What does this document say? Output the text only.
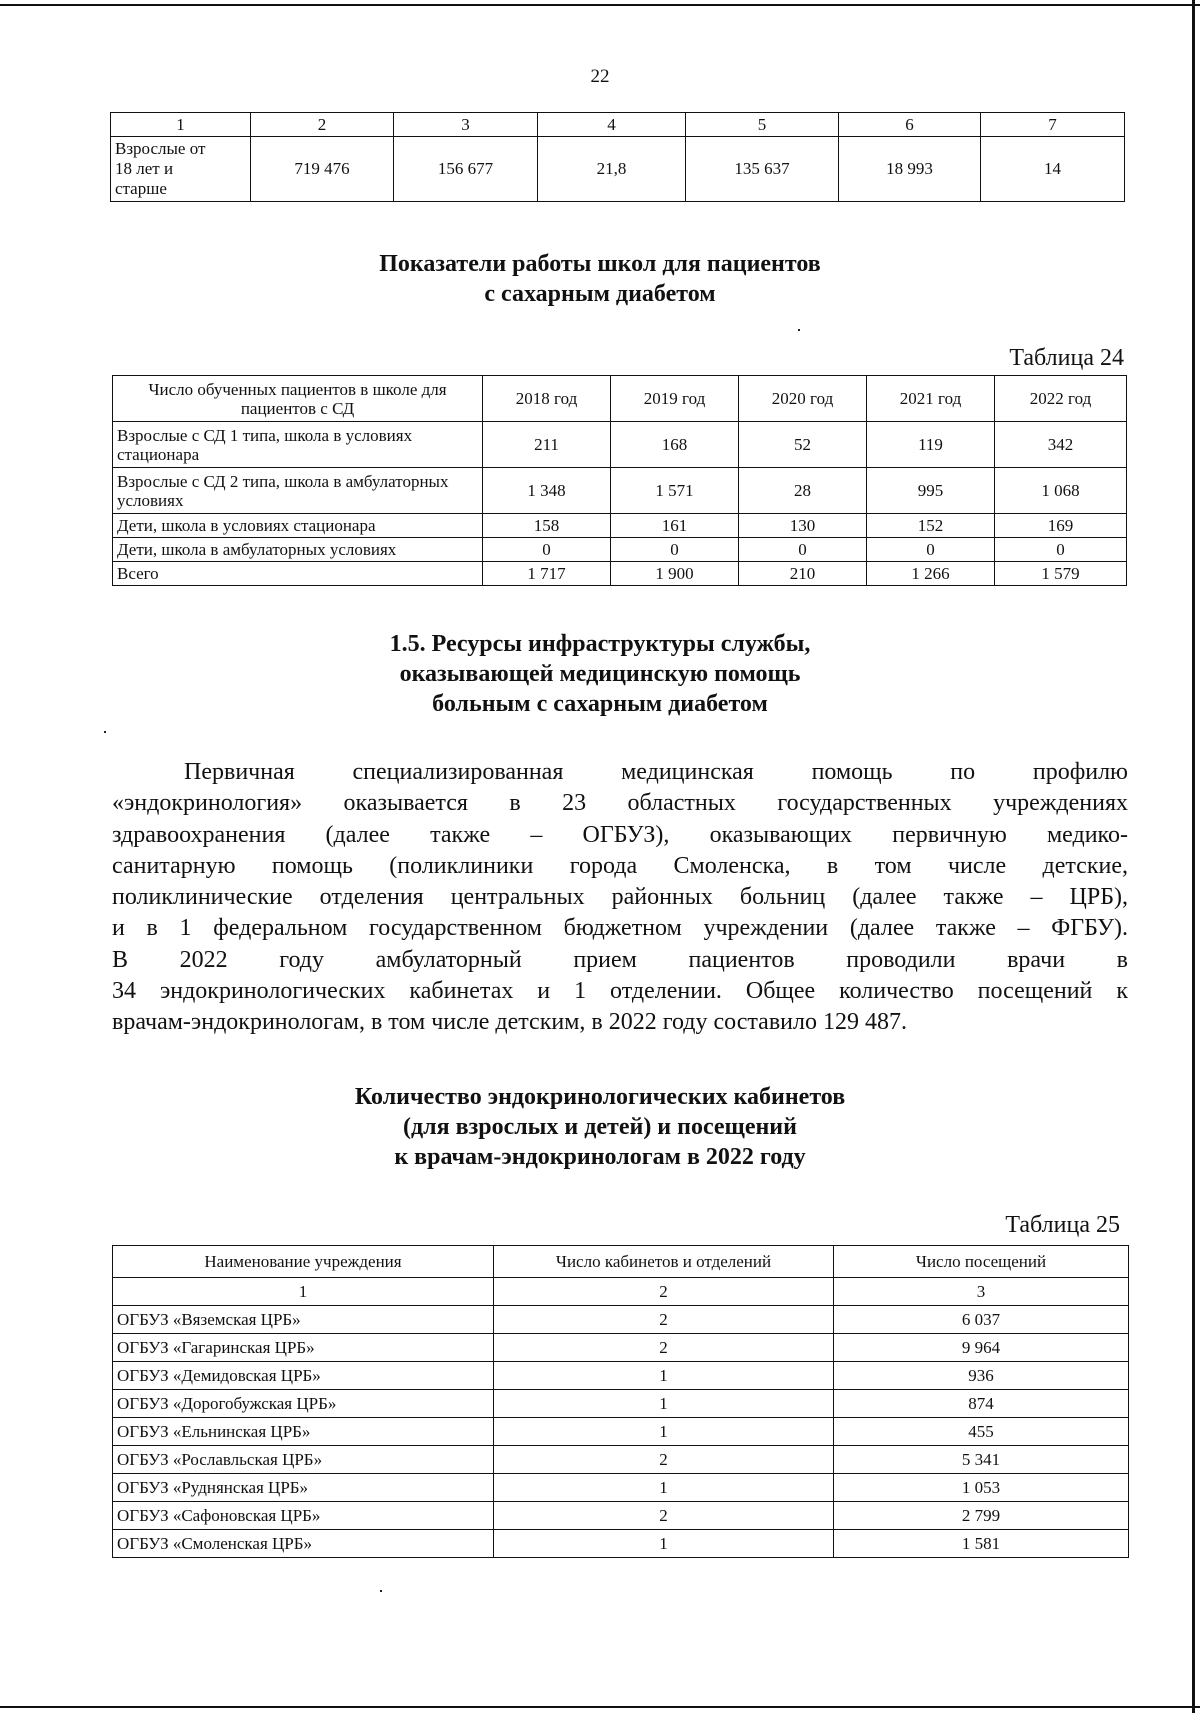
22
1	2	3	4	5	6	7

Взрослые от
18 лет и
старше	719 476	156 677	21,8	135 637	18 993	14
Показатели работы школ для пациентов
с сахарным диабетом
Таблица 24
Число обученных пациентов в школе для пациентов с СД	2018 год	2019 год	2020 год	2021 год	2022 год
Взрослые с СД 1 типа, школа в условиях стационара	211	168	52	119	342
Взрослые с СД 2 типа, школа в амбулаторных условиях	1 348	1 571	28	995	1 068
Дети, школа в условиях стационара	158	161	130	152	169
Дети, школа в амбулаторных условиях	0	0	0	0	0
Всего	1 717	1 900	210	1 266	1 579
1.5. Ресурсы инфраструктуры службы,
оказывающей медицинскую помощь
больным с сахарным диабетом
Первичная специализированная медицинская помощь по профилю
«эндокринология» оказывается в 23 областных государственных учреждениях
здравоохранения (далее также – ОГБУЗ), оказывающих первичную медико-
санитарную помощь (поликлиники города Смоленска, в том числе детские,
поликлинические отделения центральных районных больниц (далее также – ЦРБ),
и в 1 федеральном государственном бюджетном учреждении (далее также – ФГБУ).
В 2022 году амбулаторный прием пациентов проводили врачи в
34 эндокринологических кабинетах и 1 отделении. Общее количество посещений к
врачам-эндокринологам, в том числе детским, в 2022 году составило 129 487.
Количество эндокринологических кабинетов
(для взрослых и детей) и посещений
к врачам-эндокринологам в 2022 году
Таблица 25
Наименование учреждения	Число кабинетов и отделений	Число посещений
1	2	3
ОГБУЗ «Вяземская ЦРБ»	2	6 037
ОГБУЗ «Гагаринская ЦРБ»	2	9 964
ОГБУЗ «Демидовская ЦРБ»	1	936
ОГБУЗ «Дорогобужская ЦРБ»	1	874
ОГБУЗ «Ельнинская ЦРБ»	1	455
ОГБУЗ «Рославльская ЦРБ»	2	5 341
ОГБУЗ «Руднянская ЦРБ»	1	1 053
ОГБУЗ «Сафоновская ЦРБ»	2	2 799
ОГБУЗ «Смоленская ЦРБ»	1	1 581
